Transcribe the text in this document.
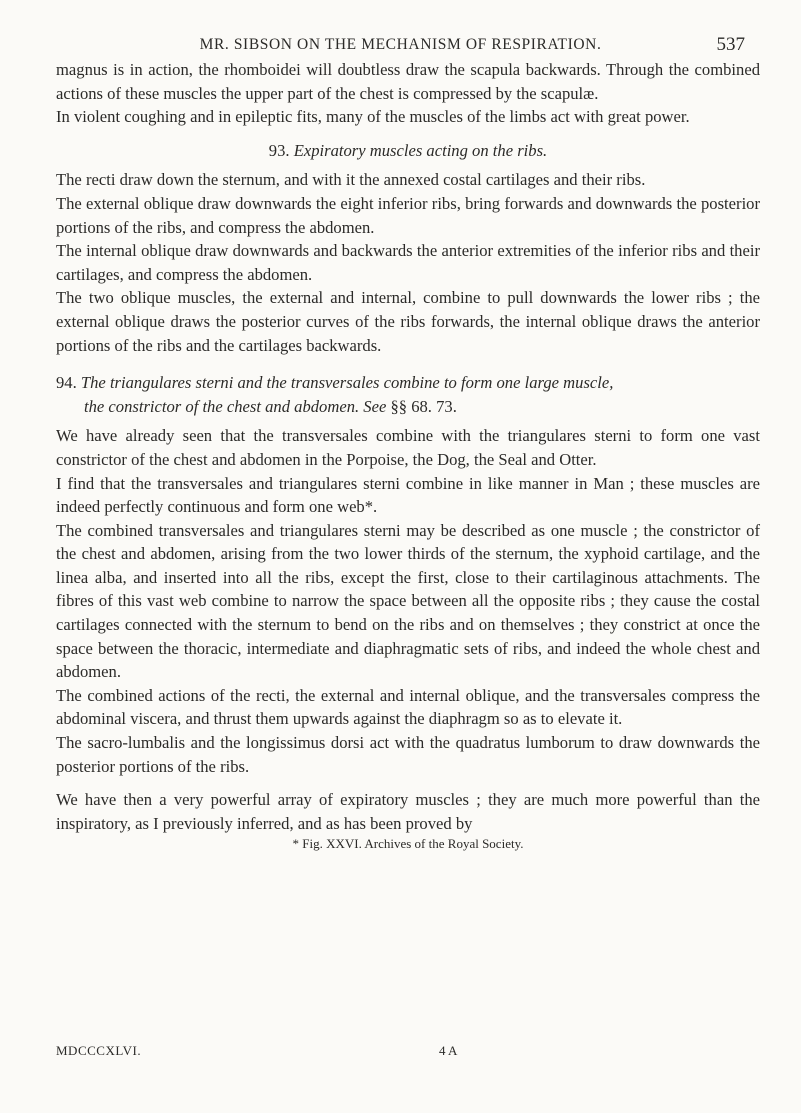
MR. SIBSON ON THE MECHANISM OF RESPIRATION.	537

magnus is in action, the rhomboidei will doubtless draw the scapula backwards. Through the combined actions of these muscles the upper part of the chest is compressed by the scapulæ.

In violent coughing and in epileptic fits, many of the muscles of the limbs act with great power.

93. Expiratory muscles acting on the ribs.

The recti draw down the sternum, and with it the annexed costal cartilages and their ribs.

The external oblique draw downwards the eight inferior ribs, bring forwards and downwards the posterior portions of the ribs, and compress the abdomen.

The internal oblique draw downwards and backwards the anterior extremities of the inferior ribs and their cartilages, and compress the abdomen.

The two oblique muscles, the external and internal, combine to pull downwards the lower ribs ; the external oblique draws the posterior curves of the ribs forwards, the internal oblique draws the anterior portions of the ribs and the cartilages backwards.

94. The triangulares sterni and the transversales combine to form one large muscle,
the constrictor of the chest and abdomen. See §§ 68. 73.

We have already seen that the transversales combine with the triangulares sterni to form one vast constrictor of the chest and abdomen in the Porpoise, the Dog, the Seal and Otter.

I find that the transversales and triangulares sterni combine in like manner in Man ; these muscles are indeed perfectly continuous and form one web*.

The combined transversales and triangulares sterni may be described as one muscle ; the constrictor of the chest and abdomen, arising from the two lower thirds of the sternum, the xyphoid cartilage, and the linea alba, and inserted into all the ribs, except the first, close to their cartilaginous attachments. The fibres of this vast web combine to narrow the space between all the opposite ribs ; they cause the costal cartilages connected with the sternum to bend on the ribs and on themselves ; they constrict at once the space between the thoracic, intermediate and diaphragmatic sets of ribs, and indeed the whole chest and abdomen.

The combined actions of the recti, the external and internal oblique, and the transversales compress the abdominal viscera, and thrust them upwards against the diaphragm so as to elevate it.

The sacro-lumbalis and the longissimus dorsi act with the quadratus lumborum to draw downwards the posterior portions of the ribs.

We have then a very powerful array of expiratory muscles ; they are much more powerful than the inspiratory, as I previously inferred, and as has been proved by

* Fig. XXVI. Archives of the Royal Society.

MDCCCXLVI.	4 A
